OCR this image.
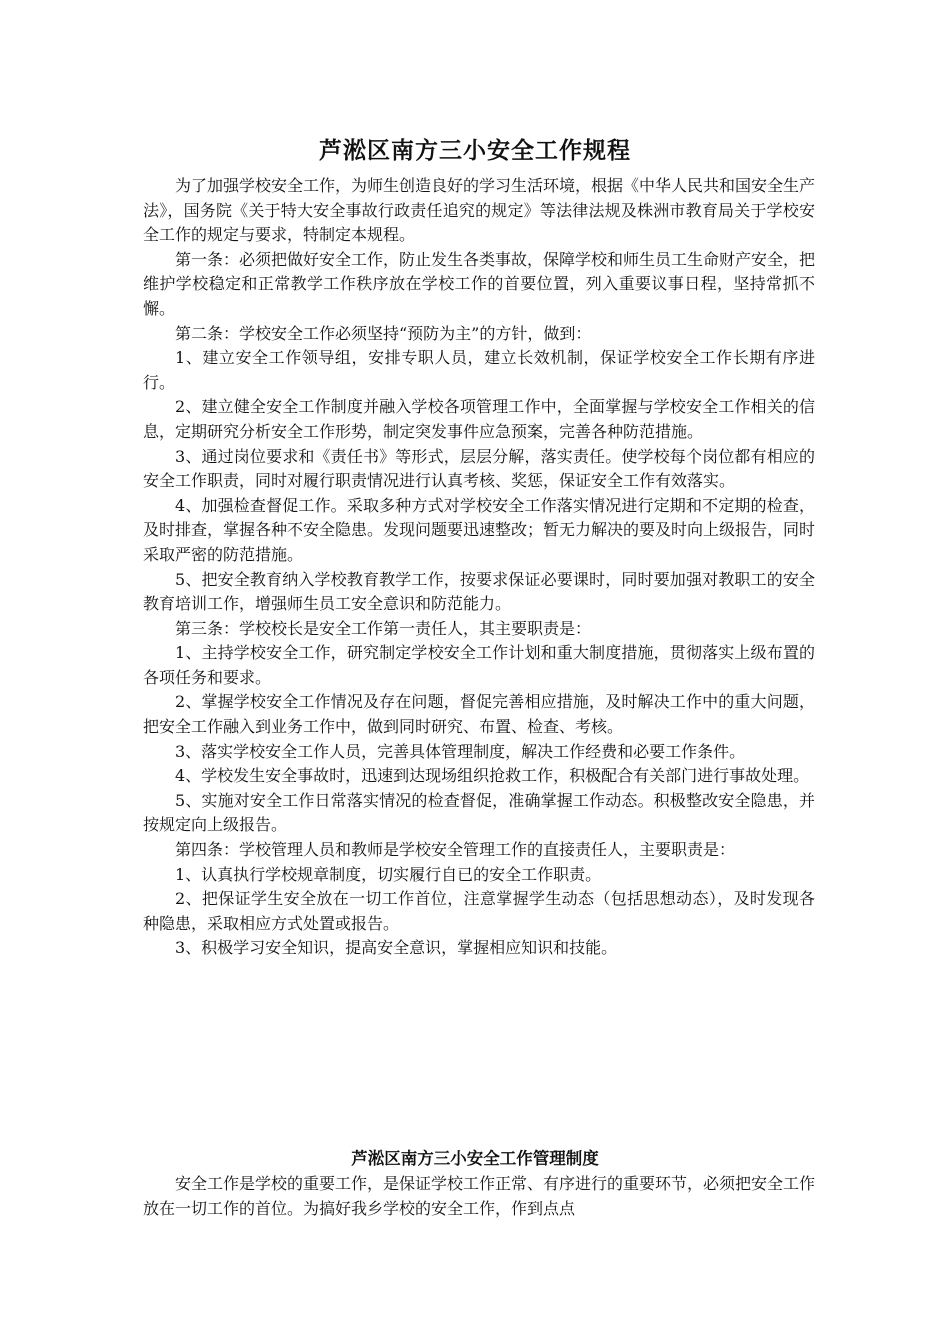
芦淞区南方三小安全工作规程

为了加强学校安全工作，为师生创造良好的学习生活环境，根据《中华人民共和国安全生产法》，国务院《关于特大安全事故行政责任追究的规定》等法律法规及株洲市教育局关于学校安全工作的规定与要求，特制定本规程。

第一条：必须把做好安全工作，防止发生各类事故，保障学校和师生员工生命财产安全，把维护学校稳定和正常教学工作秩序放在学校工作的首要位置，列入重要议事日程，坚持常抓不懈。

第二条：学校安全工作必须坚持“预防为主”的方针，做到：

1、建立安全工作领导组，安排专职人员，建立长效机制，保证学校安全工作长期有序进行。

2、建立健全安全工作制度并融入学校各项管理工作中，全面掌握与学校安全工作相关的信息，定期研究分析安全工作形势，制定突发事件应急预案，完善各种防范措施。

3、通过岗位要求和《责任书》等形式，层层分解，落实责任。使学校每个岗位都有相应的安全工作职责，同时对履行职责情况进行认真考核、奖惩，保证安全工作有效落实。

4、加强检查督促工作。采取多种方式对学校安全工作落实情况进行定期和不定期的检查，及时排查，掌握各种不安全隐患。发现问题要迅速整改；暂无力解决的要及时向上级报告，同时采取严密的防范措施。

5、把安全教育纳入学校教育教学工作，按要求保证必要课时，同时要加强对教职工的安全教育培训工作，增强师生员工安全意识和防范能力。

第三条：学校校长是安全工作第一责任人，其主要职责是：

1、主持学校安全工作，研究制定学校安全工作计划和重大制度措施，贯彻落实上级布置的各项任务和要求。

2、掌握学校安全工作情况及存在问题，督促完善相应措施，及时解决工作中的重大问题，把安全工作融入到业务工作中，做到同时研究、布置、检查、考核。

3、落实学校安全工作人员，完善具体管理制度，解决工作经费和必要工作条件。

4、学校发生安全事故时，迅速到达现场组织抢救工作，积极配合有关部门进行事故处理。

5、实施对安全工作日常落实情况的检查督促，准确掌握工作动态。积极整改安全隐患，并按规定向上级报告。

第四条：学校管理人员和教师是学校安全管理工作的直接责任人，主要职责是：

1、认真执行学校规章制度，切实履行自已的安全工作职责。

2、把保证学生安全放在一切工作首位，注意掌握学生动态（包括思想动态），及时发现各种隐患，采取相应方式处置或报告。

3、积极学习安全知识，提高安全意识，掌握相应知识和技能。

芦淞区南方三小安全工作管理制度

安全工作是学校的重要工作，是保证学校工作正常、有序进行的重要环节，必须把安全工作放在一切工作的首位。为搞好我乡学校的安全工作，作到点点
